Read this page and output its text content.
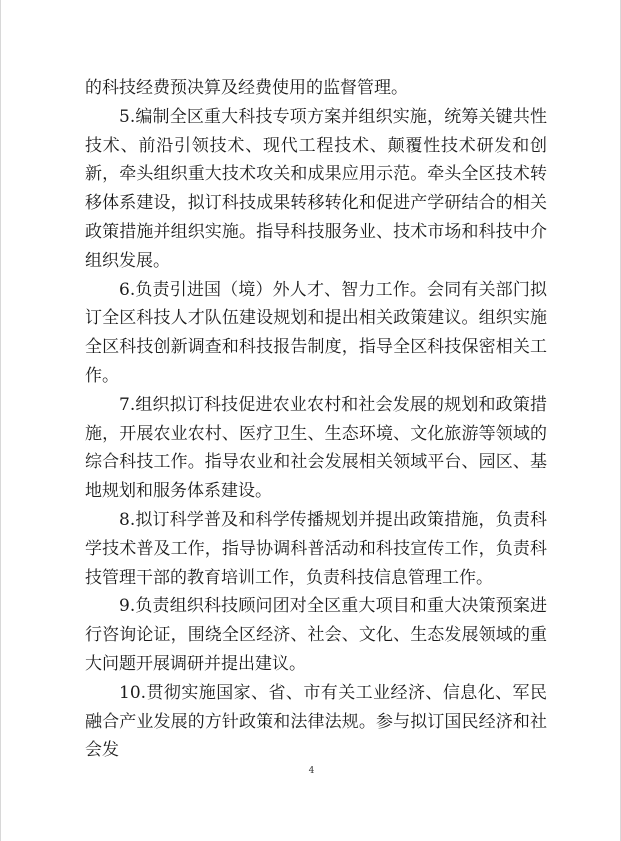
的科技经费预决算及经费使用的监督管理。

5.编制全区重大科技专项方案并组织实施，统筹关键共性技术、前沿引领技术、现代工程技术、颠覆性技术研发和创新，牵头组织重大技术攻关和成果应用示范。牵头全区技术转移体系建设，拟订科技成果转移转化和促进产学研结合的相关政策措施并组织实施。指导科技服务业、技术市场和科技中介组织发展。

6.负责引进国（境）外人才、智力工作。会同有关部门拟订全区科技人才队伍建设规划和提出相关政策建议。组织实施全区科技创新调查和科技报告制度，指导全区科技保密相关工作。

7.组织拟订科技促进农业农村和社会发展的规划和政策措施，开展农业农村、医疗卫生、生态环境、文化旅游等领域的综合科技工作。指导农业和社会发展相关领域平台、园区、基地规划和服务体系建设。

8.拟订科学普及和科学传播规划并提出政策措施，负责科学技术普及工作，指导协调科普活动和科技宣传工作，负责科技管理干部的教育培训工作，负责科技信息管理工作。

9.负责组织科技顾问团对全区重大项目和重大决策预案进行咨询论证，围绕全区经济、社会、文化、生态发展领域的重大问题开展调研并提出建议。

10.贯彻实施国家、省、市有关工业经济、信息化、军民融合产业发展的方针政策和法律法规。参与拟订国民经济和社会发

4
